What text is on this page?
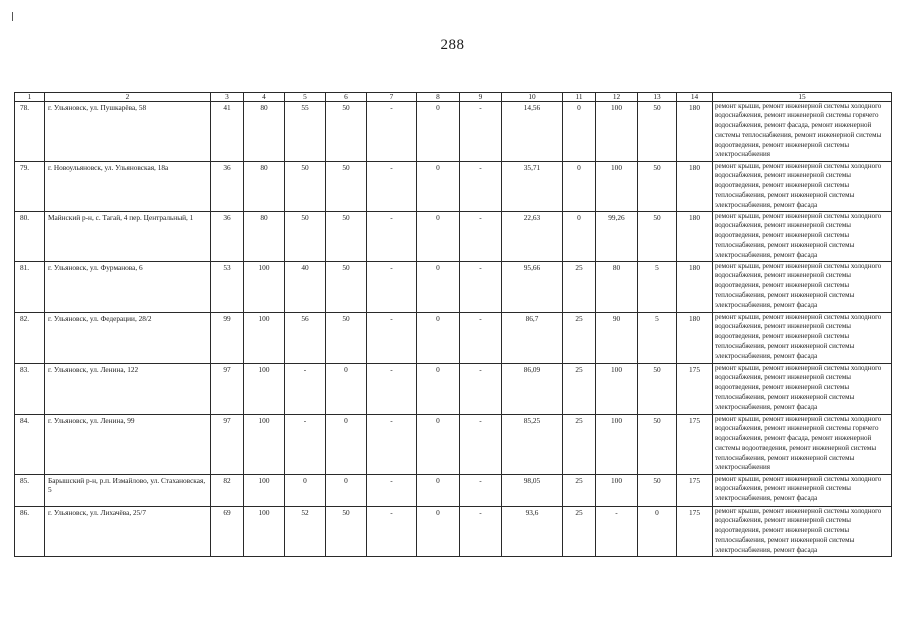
288
1	2	3	4	5	6	7	8	9	10	11	12	13	14	15
78.	г. Ульяновск, ул. Пушкарёва, 58	41	80	55	50	-	0	-	14,56	0	100	50	180	ремонт крыши, ремонт инженерной системы холодного водоснабжения, ремонт инженерной системы горячего водоснабжения, ремонт фасада, ремонт инженерной системы теплоснабжения, ремонт инженерной системы водоотведения, ремонт инженерной системы электроснабжения
79.	г. Новоульяновск, ул. Ульяновская, 18а	36	80	50	50	-	0	-	35,71	0	100	50	180	ремонт крыши, ремонт инженерной системы холодного водоснабжения, ремонт инженерной системы водоотведения, ремонт инженерной системы теплоснабжения, ремонт инженерной системы электроснабжения, ремонт фасада
80.	Майнский р-н, с. Тагай, 4 пер. Центральный, 1	36	80	50	50	-	0	-	22,63	0	99,26	50	180	ремонт крыши, ремонт инженерной системы холодного водоснабжения, ремонт инженерной системы водоотведения, ремонт инженерной системы теплоснабжения, ремонт инженерной системы электроснабжения, ремонт фасада
81.	г. Ульяновск, ул. Фурманова, 6	53	100	40	50	-	0	-	95,66	25	80	5	180	ремонт крыши, ремонт инженерной системы холодного водоснабжения, ремонт инженерной системы водоотведения, ремонт инженерной системы теплоснабжения, ремонт инженерной системы электроснабжения, ремонт фасада
82.	г. Ульяновск, ул. Федерации, 28/2	99	100	56	50	-	0	-	86,7	25	90	5	180	ремонт крыши, ремонт инженерной системы холодного водоснабжения, ремонт инженерной системы водоотведения, ремонт инженерной системы теплоснабжения, ремонт инженерной системы электроснабжения, ремонт фасада
83.	г. Ульяновск, ул. Ленина, 122	97	100	-	0	-	0	-	86,09	25	100	50	175	ремонт крыши, ремонт инженерной системы холодного водоснабжения, ремонт инженерной системы водоотведения, ремонт инженерной системы теплоснабжения, ремонт инженерной системы электроснабжения, ремонт фасада
84.	г. Ульяновск, ул. Ленина, 99	97	100	-	0	-	0	-	85,25	25	100	50	175	ремонт крыши, ремонт инженерной системы холодного водоснабжения, ремонт инженерной системы горячего водоснабжения, ремонт фасада, ремонт инженерной системы водоотведения, ремонт инженерной системы теплоснабжения, ремонт инженерной системы электроснабжения
85.	Барышский р-н, р.п. Измайлово, ул. Стахановская, 5	82	100	0	0	-	0	-	98,05	25	100	50	175	ремонт крыши, ремонт инженерной системы холодного водоснабжения, ремонт инженерной системы электроснабжения, ремонт фасада
86.	г. Ульяновск, ул. Лихачёва, 25/7	69	100	52	50	-	0	-	93,6	25	-	0	175	ремонт крыши, ремонт инженерной системы холодного водоснабжения, ремонт инженерной системы водоотведения, ремонт инженерной системы теплоснабжения, ремонт инженерной системы электроснабжения, ремонт фасада
